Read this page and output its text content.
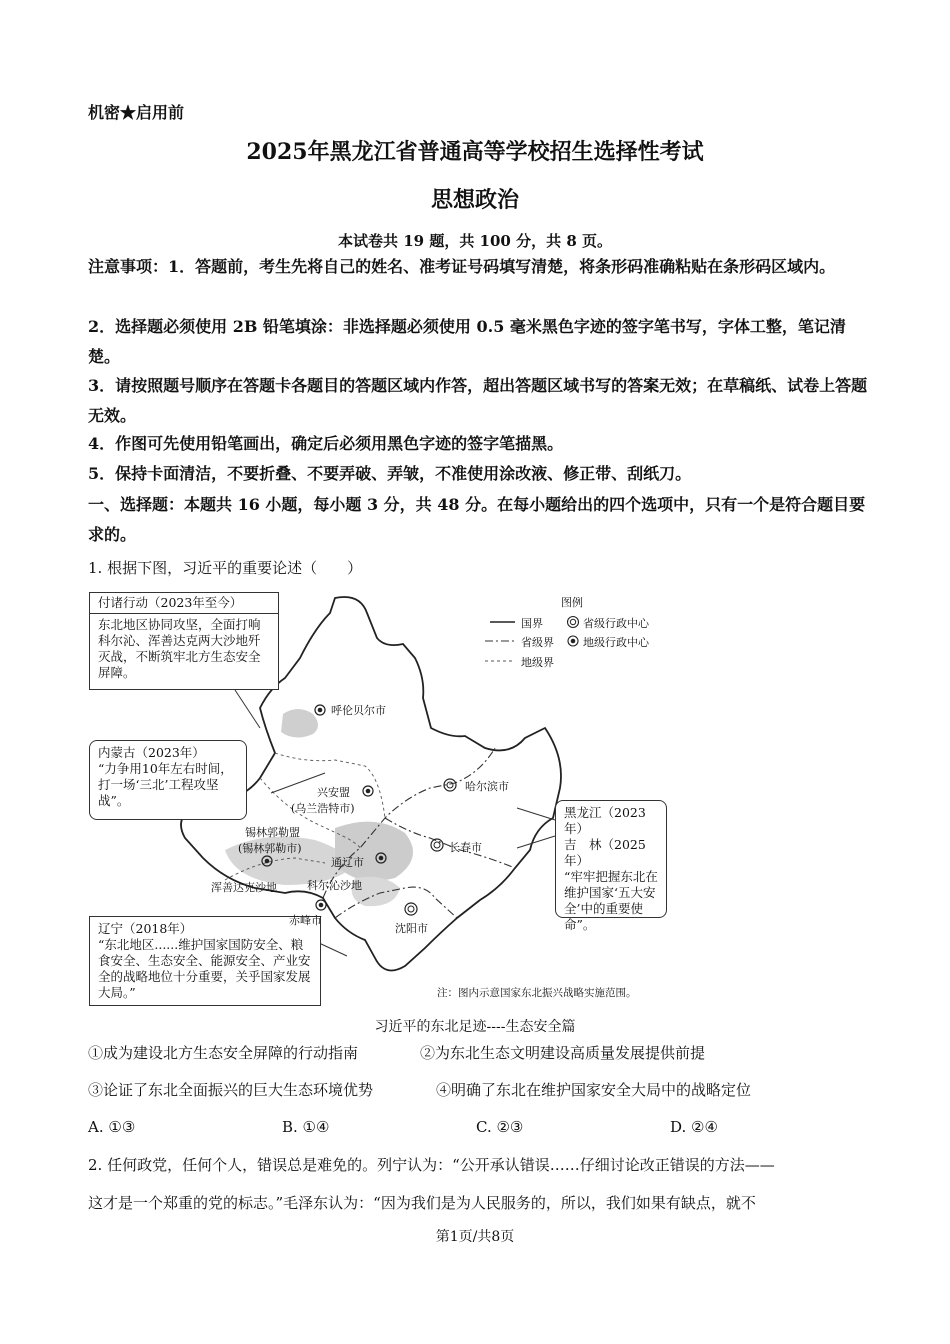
机密★启用前
2025年黑龙江省普通高等学校招生选择性考试
思想政治
本试卷共 19 题，共 100 分，共 8 页。
注意事项：1．答题前，考生先将自己的姓名、准考证号码填写清楚，将条形码准确粘贴在条形码区域内。
2．选择题必须使用 2B 铅笔填涂：非选择题必须使用 0.5 毫米黑色字迹的签字笔书写，字体工整，笔记清楚。
3．请按照题号顺序在答题卡各题目的答题区域内作答，超出答题区域书写的答案无效；在草稿纸、试卷上答题无效。
4．作图可先使用铅笔画出，确定后必须用黑色字迹的签字笔描黑。
5．保持卡面清洁，不要折叠、不要弄破、弄皱，不准使用涂改液、修正带、刮纸刀。
一、选择题：本题共 16 小题，每小题 3 分，共 48 分。在每小题给出的四个选项中，只有一个是符合题目要求的。
1. 根据下图，习近平的重要论述（　　）
付诸行动（2023年至今）
东北地区协同攻坚，全面打响科尔沁、浑善达克两大沙地歼灭战，不断筑牢北方生态安全屏障。
内蒙古（2023年）
“力争用10年左右时间，打一场‘三北’工程攻坚战”。
黑龙江（2023年）
吉　林（2025年）
“牢牢把握东北在维护国家‘五大安全’中的重要使命”。
辽宁（2018年）
“东北地区......维护国家国防安全、粮食安全、生态安全、能源安全、产业安全的战略地位十分重要，关乎国家发展大局。”
图例
国界
省级界
地级界
省级行政中心
地级行政中心
呼伦贝尔市
哈尔滨市
兴安盟
(乌兰浩特市)
锡林郭勒盟
(锡林郭勒市)	长春市
通辽市
浑善达克沙地	科尔沁沙地
赤峰市
沈阳市
注：图内示意国家东北振兴战略实施范围。
习近平的东北足迹----生态安全篇
①成为建设北方生态安全屏障的行动指南	②为东北生态文明建设高质量发展提供前提
③论证了东北全面振兴的巨大生态环境优势	④明确了东北在维护国家安全大局中的战略定位
A. ①③	B. ①④	C. ②③	D. ②④
2. 任何政党，任何个人，错误总是难免的。列宁认为：“公开承认错误……仔细讨论改正错误的方法——
这才是一个郑重的党的标志。”毛泽东认为：“因为我们是为人民服务的，所以，我们如果有缺点，就不
第1页/共8页
